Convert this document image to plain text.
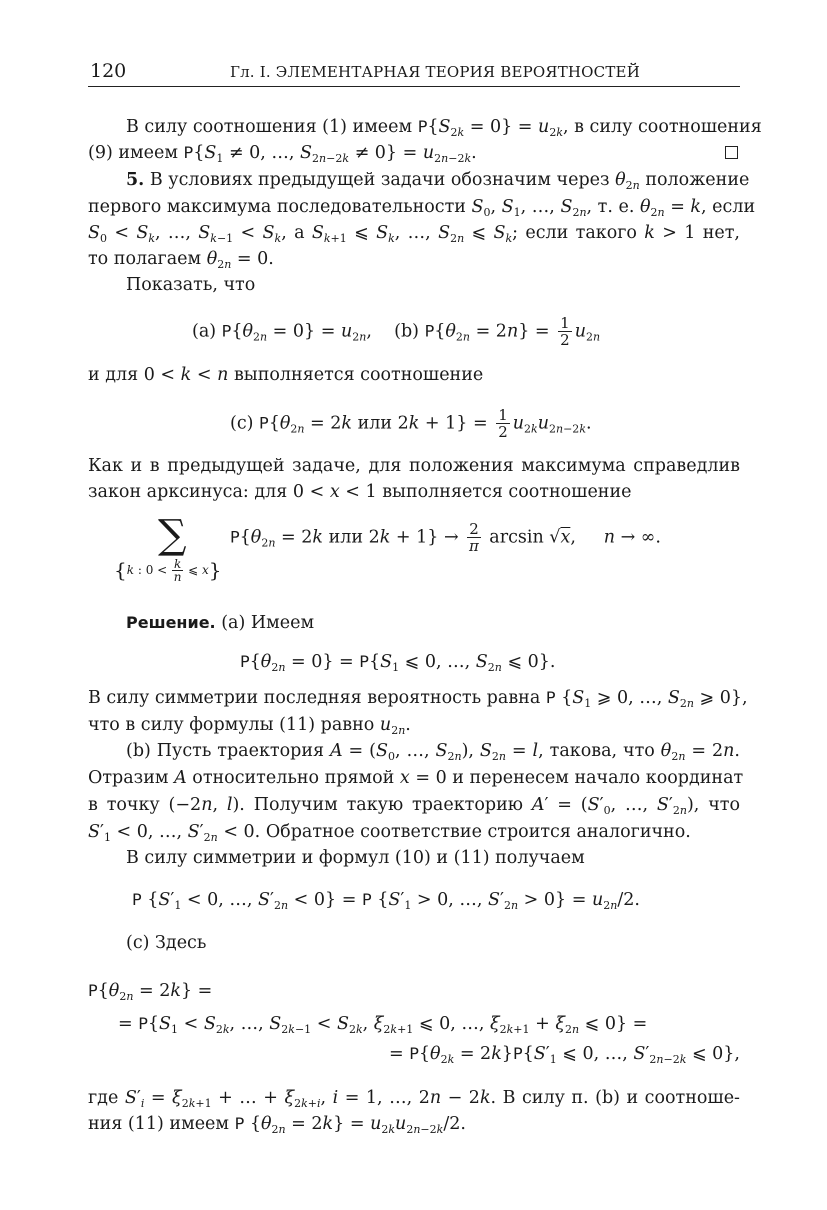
120	Гл. I. ЭЛЕМЕНТАРНАЯ ТЕОРИЯ ВЕРОЯТНОСТЕЙ
В силу соотношения (1) имеем $P\{S_{2k} = 0\} = u_{2k}$, в силу соотношения
(9) имеем $P\{S_1 \ne 0$, …, $S_{2n-2k} \ne 0\} = u_{2n-2k}$.
5. В условиях предыдущей задачи обозначим через $\theta_{2n}$ положение
первого максимума последовательности $S_0$, $S_1$, …, $S_{2n}$, т. е. $\theta_{2n} = k$, если
$S_0 < S_k$, …, $S_{k-1} < S_k$, а $S_{k+1}$ ⩽ $S_k$, …, $S_{2n}$ ⩽ $S_k$; если такого k > 1 нет,
то полагаем $\theta_{2n} = 0$.
Показать, что
(a) $P\{\theta_{2n} = 0\} = u_{2n}$,    (b) $P\{\theta_{2n} = 2n\} = \frac{1}{2} u_{2n}$
и для 0 < k < n выполняется соотношение
(c) $P\{\theta_{2n} = 2k$ или $2k + 1\} = \frac{1}{2} u_{2k}u_{2n-2k}$.
Как и в предыдущей задаче, для положения максимума справедлив
закон арксинуса: для 0 < x < 1 выполняется соотношение
∑
{k : $0 < \frac{k}{n}$ ⩽ x}
$P\{\theta_{2n} = 2k$ или $2k + 1\} \to \frac{2}{\pi}$ arcsin √x,     n → ∞.
Решение. (a) Имеем
$P\{\theta_{2n} = 0\} = P\{S_1$ ⩽ 0, …, $S_{2n}$ ⩽ 0}.
В силу симметрии последняя вероятность равна P {$S_1$ ⩾ 0, …, $S_{2n}$ ⩾ 0},
что в силу формулы (11) равно $u_{2n}$.
(b) Пусть траектория $A = (S_0$, …, $S_{2n}$), $S_{2n} = l$, такова, что $\theta_{2n} = 2n$.
Отразим A относительно прямой x = 0 и перенесем начало координат
в точку (−2n, l). Получим такую траекторию $A' = (S'_0$, …, $S'_{2n}$), что
$S'_1 < 0$, …, $S'_{2n} < 0$. Обратное соответствие строится аналогично.
В силу симметрии и формул (10) и (11) получаем
P {$S'_1 < 0$, …, $S'_{2n} < 0\} = P$ {$S'_1 > 0$, …, $S'_{2n} > 0\} = u_{2n}/2$.
(c) Здесь
$P\{\theta_{2n} = 2k\}$ =
= $P\{S_1 < S_{2k}$, …, $S_{2k-1} < S_{2k}$, $\xi_{2k+1}$ ⩽ 0, …, $\xi_{2k+1} + \xi_{2n}$ ⩽ 0} =
= $P\{\theta_{2k} = 2k\}P\{S'_1$ ⩽ 0, …, $S'_{2n-2k}$ ⩽ 0},
где $S'_i = \xi_{2k+1}$ + … + $\xi_{2k+i}$, i = 1, …, 2n − 2k. В силу п. (b) и соотноше-
ния (11) имеем P $\{\theta_{2n} = 2k\} = u_{2k}u_{2n-2k}/2$.
